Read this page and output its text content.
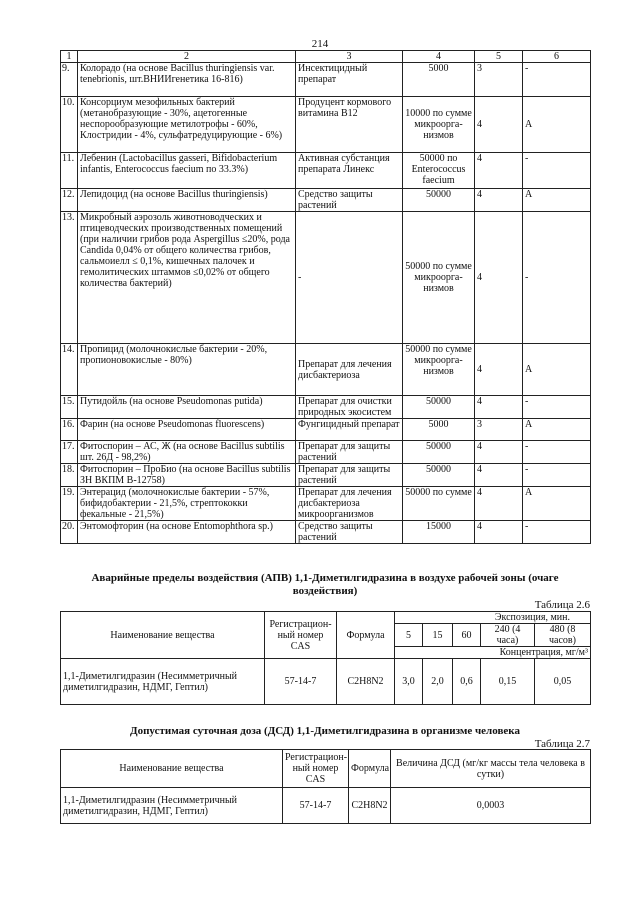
214
1	2	3	4	5	6
9.	Колорадо (на основе Bacillus thuringiensis var. tenebrionis, шт.ВНИИгенетика 16-816)	Инсектицидный препарат	5000	3	-
10.	Консорциум мезофильных бактерий (метанобразующие - 30%, ацетогенные неспорообразующие метилотрофы - 60%, Клостридии - 4%, сульфатредуцирующие - 6%)	Продуцент кормового витамина В12	10000 по сумме микрооргa-низмов	4	А
11.	Лебенин (Lactobacillus gasseri, Bifidobacterium infantis, Enterococcus faecium по 33.3%)	Активная субстанция препарата Линекс	50000 по Enterococcus faecium	4	-
12.	Лепидоцид (на основе Bacillus thuringiensis)	Средство защиты растений	50000	4	А
13.	Микробный аэрозоль животноводческих и птицеводческих производственных помещений (при наличии грибов рода Aspergillus ≤20%, рода Candida 0,04% от общего количества грибов, сальмоиелл ≤ 0,1%, кишечных палочек и гемолитических штаммов ≤0,02% от общего количества бактерий)	-	50000 по сумме микроорга-низмов	4	-
14.	Пропицид (молочнокислые бактерии - 20%, пропионовокислые - 80%)	Препарат для лечения дисбактериоза	50000 по сумме микроорга-низмов	4	А
15.	Путидойль (на основе Pseudomonas putida)	Препарат для очистки природных экосистем	50000	4	-
16.	Фарин (на основе Pseudomonas fluorescens)	Фунгицидный препарат	5000	3	А
17.	Фитоспорин – АС, Ж (на основе Bacillus subtilis шт. 26Д - 98,2%)	Препарат для защиты растений	50000	4	-
18.	Фитоспорин – ПроБио (на основе Bacillus subtilis ЗН ВКПМ В-12758)	Препарат для защиты растений	50000	4	-
19.	Энтерацид (молочнокислые бактерии - 57%, бифидобактерии - 21,5%, стрептококки фекальные - 21,5%)	Препарат для лечения дисбактериоза микроорганизмов	50000 по сумме	4	А
20.	Энтомофторин (на основе Entomophthora sp.)	Средство защиты растений	15000	4	-
Аварийные пределы воздействия (АПВ) 1,1-Диметилгидразина в воздухе рабочей зоны (очаге воздействия)
Таблица 2.6
Наименование вещества	Регистрацион-ный номер CAS	Формула	Экспозиция, мин.				
			5	15	60	240 (4 часа)	480 (8 часов)
			Концентрация, мг/м³				
1,1-Диметилгидразин (Несимметричный диметилгидразин, НДМГ, Гептил)	57-14-7	C2H8N2	3,0	2,0	0,6	0,15	0,05
Допустимая суточная доза (ДСД) 1,1-Диметилгидразина в организме человека
Таблица 2.7
Наименование вещества	Регистрацион-ный номер CAS	Формула	Величина ДСД (мг/кг массы тела человека в сутки)
1,1-Диметилгидразин (Несимметричный диметилгидразин, НДМГ, Гептил)	57-14-7	C2H8N2	0,0003
